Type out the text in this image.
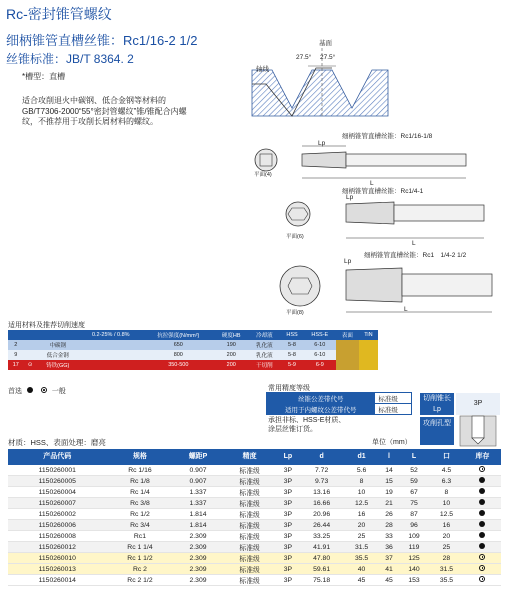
Rc-密封锥管螺纹
细柄锥管直槽丝锥：Rc1/16-2 1/2
丝锥标准：JB/T 8364. 2
*槽型：直槽
适合攻削退火中碳钢、低合金钢等材料的GB/T7306-2000“55°密封管螺纹”锥/锥配合内螺纹，不推荐用于攻削长屑材料的螺纹。
基面
27.5° 27.5°
轴线
细柄锥管直槽丝锥：Rc1/16-1/8
Lp
L
平面(4)
细柄锥管直槽丝锥：Rc1/4-1
Lp
L
平面(6)
细柄锥管直槽丝锥：Rc1　1/4-2 1/2
Lp
L
平面(8)
适用材料及推荐切削速度
			0.2-25% / 0.8%	抗拉强度(N/mm²)	硬度HB	冷却液	HSS	HSS-E	表面	TiN
2		中碳钢		650	190	乳化液	5-8	6-10		
9		低合金钢		800	200	乳化液	5-8	6-10		
17	⊙	铸铁(GG)		350-500	200	干切削	5-9	6-9		
首选	一般	常用精度等级
丝锥公差带代号	标准级
适用于内螺纹公差带代号	标准级
承担非标、HSS-E材质、
涂层丝锥订货。
切削锥长Lp
3P
攻削孔型
材质：HSS、表面处理：磨亮	单位（mm）
产品代码	规格	螺距P	精度	Lp	d	d1	l	L	口	库存
1150260001	Rc 1/16	0.907	标准级	3P	7.72	5.6	14	52	4.5	
1150260005	Rc 1/8	0.907	标准级	3P	9.73	8	15	59	6.3	
1150260004	Rc 1/4	1.337	标准级	3P	13.16	10	19	67	8	
1150260007	Rc 3/8	1.337	标准级	3P	16.66	12.5	21	75	10	
1150260002	Rc 1/2	1.814	标准级	3P	20.96	16	26	87	12.5	
1150260006	Rc 3/4	1.814	标准级	3P	26.44	20	28	96	16	
1150260008	Rc1	2.309	标准级	3P	33.25	25	33	109	20	
1150260012	Rc 1 1/4	2.309	标准级	3P	41.91	31.5	36	119	25	
1150260010	Rc 1 1/2	2.309	标准级	3P	47.80	35.5	37	125	28	
1150260013	Rc 2	2.309	标准级	3P	59.61	40	41	140	31.5	
1150260014	Rc 2 1/2	2.309	标准级	3P	75.18	45	45	153	35.5	
